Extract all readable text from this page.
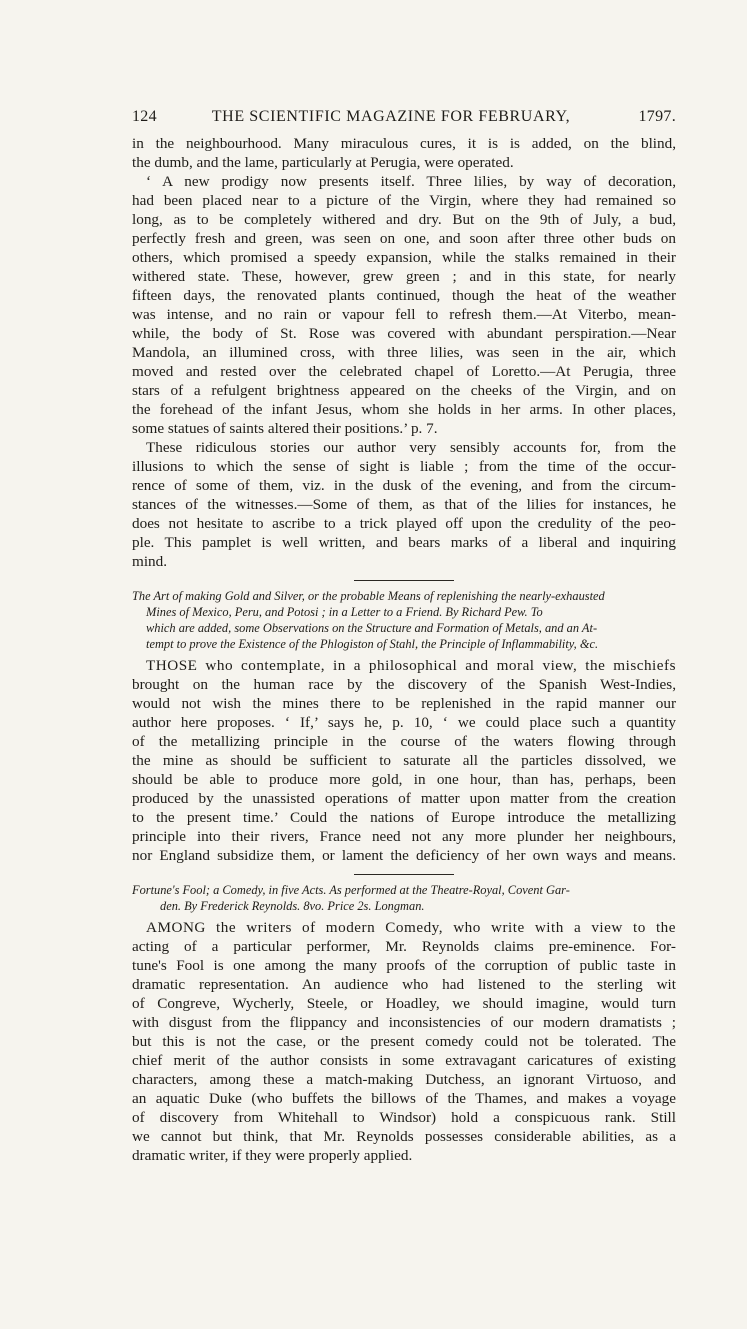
124	THE SCIENTIFIC MAGAZINE FOR FEBRUARY,	1797.
in the neighbourhood. Many miraculous cures, it is is added, on the blind,
the dumb, and the lame, particularly at Perugia, were operated.
‘ A new prodigy now presents itself. Three lilies, by way of decoration,
had been placed near to a picture of the Virgin, where they had remained so
long, as to be completely withered and dry. But on the 9th of July, a bud,
perfectly fresh and green, was seen on one, and soon after three other buds on
others, which promised a speedy expansion, while the stalks remained in their
withered state. These, however, grew green ; and in this state, for nearly
fifteen days, the renovated plants continued, though the heat of the weather
was intense, and no rain or vapour fell to refresh them.—At Viterbo, mean-
while, the body of St. Rose was covered with abundant perspiration.—Near
Mandola, an illumined cross, with three lilies, was seen in the air, which
moved and rested over the celebrated chapel of Loretto.—At Perugia, three
stars of a refulgent brightness appeared on the cheeks of the Virgin, and on
the forehead of the infant Jesus, whom she holds in her arms. In other places,
some statues of saints altered their positions.’ p. 7.
These ridiculous stories our author very sensibly accounts for, from the
illusions to which the sense of sight is liable ; from the time of the occur-
rence of some of them, viz. in the dusk of the evening, and from the circum-
stances of the witnesses.—Some of them, as that of the lilies for instances, he
does not hesitate to ascribe to a trick played off upon the credulity of the peo-
ple. This pamplet is well written, and bears marks of a liberal and inquiring
mind.
The Art of making Gold and Silver, or the probable Means of replenishing the nearly-exhausted
Mines of Mexico, Peru, and Potosi ; in a Letter to a Friend. By Richard Pew. To
which are added, some Observations on the Structure and Formation of Metals, and an At-
tempt to prove the Existence of the Phlogiston of Stahl, the Principle of Inflammability, &c.
THOSE who contemplate, in a philosophical and moral view, the mischiefs
brought on the human race by the discovery of the Spanish West-Indies,
would not wish the mines there to be replenished in the rapid manner our
author here proposes. ‘ If,’ says he, p. 10, ‘ we could place such a quantity
of the metallizing principle in the course of the waters flowing through
the mine as should be sufficient to saturate all the particles dissolved, we
should be able to produce more gold, in one hour, than has, perhaps, been
produced by the unassisted operations of matter upon matter from the creation
to the present time.’ Could the nations of Europe introduce the metallizing
principle into their rivers, France need not any more plunder her neighbours,
nor England subsidize them, or lament the deficiency of her own ways and means.
Fortune's Fool; a Comedy, in five Acts. As performed at the Theatre-Royal, Covent Gar-
den. By Frederick Reynolds. 8vo. Price 2s. Longman.
AMONG the writers of modern Comedy, who write with a view to the
acting of a particular performer, Mr. Reynolds claims pre-eminence. For-
tune's Fool is one among the many proofs of the corruption of public taste in
dramatic representation. An audience who had listened to the sterling wit
of Congreve, Wycherly, Steele, or Hoadley, we should imagine, would turn
with disgust from the flippancy and inconsistencies of our modern dramatists ;
but this is not the case, or the present comedy could not be tolerated. The
chief merit of the author consists in some extravagant caricatures of existing
characters, among these a match-making Dutchess, an ignorant Virtuoso, and
an aquatic Duke (who buffets the billows of the Thames, and makes a voyage
of discovery from Whitehall to Windsor) hold a conspicuous rank. Still
we cannot but think, that Mr. Reynolds possesses considerable abilities, as a
dramatic writer, if they were properly applied.
